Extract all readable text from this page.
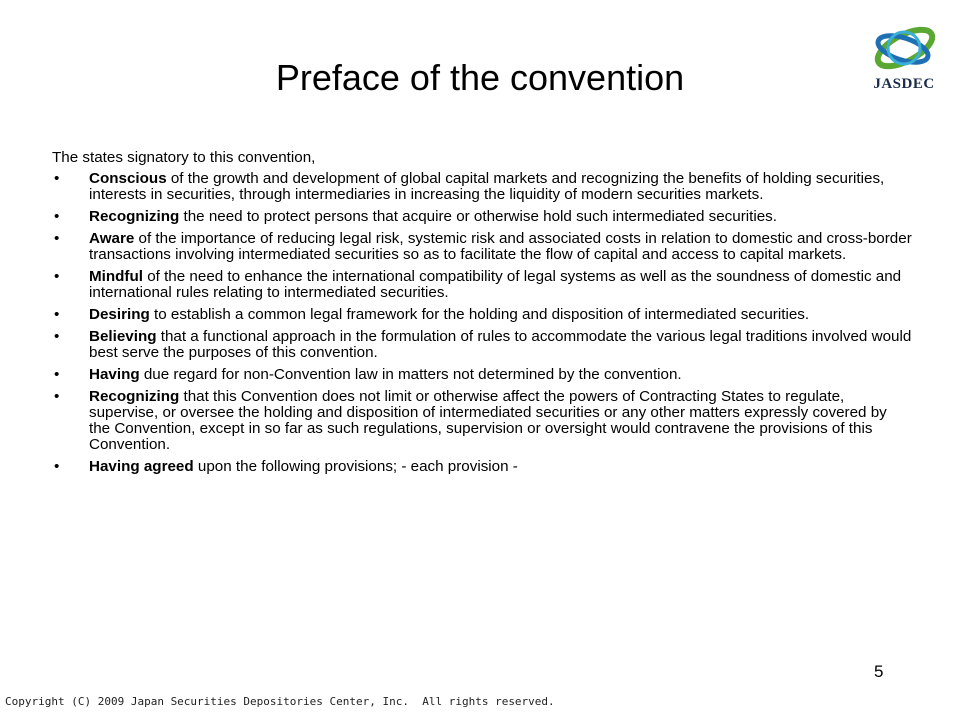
Preface of the convention	JASDEC

The states signatory to this convention,

• Conscious of the growth and development of global capital markets and recognizing the benefits of holding securities, interests in securities, through intermediaries in increasing the liquidity of modern securities markets.
• Recognizing the need to protect persons that acquire or otherwise hold such intermediated securities.
• Aware of the importance of reducing legal risk, systemic risk and associated costs in relation to domestic and cross-border transactions involving intermediated securities so as to facilitate the flow of capital and access to capital markets.
• Mindful of the need to enhance the international compatibility of legal systems as well as the soundness of domestic and international rules relating to intermediated securities.
• Desiring to establish a common legal framework for the holding and disposition of intermediated securities.
• Believing that a functional approach in the formulation of rules to accommodate the various legal traditions involved would best serve the purposes of this convention.
• Having due regard for non-Convention law in matters not determined by the convention.
• Recognizing that this Convention does not limit or otherwise affect the powers of Contracting States to regulate, supervise, or oversee the holding and disposition of intermediated securities or any other matters expressly covered by the Convention, except in so far as such regulations, supervision or oversight would contravene the provisions of this Convention.
• Having agreed upon the following provisions; - each provision -
5
Copyright (C) 2009 Japan Securities Depositories Center, Inc.  All rights reserved.
